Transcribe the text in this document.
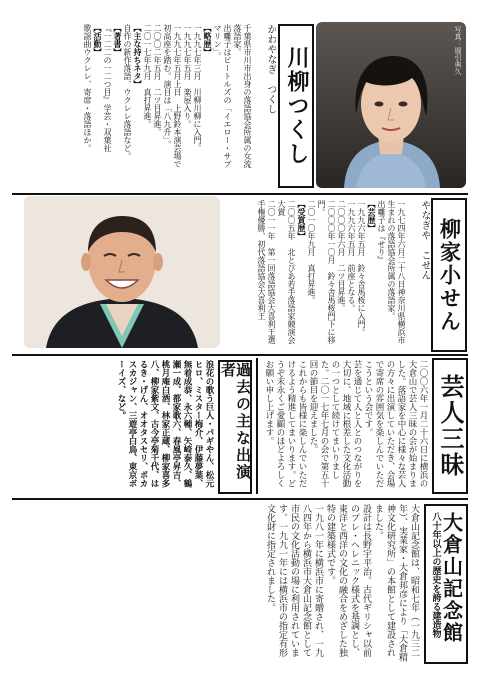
川柳つくし

かわやなぎ　つくし

千葉県市川市出身の落語協会所属の女流落語家。

出囃子はビートルズの「イエロー・サブマリン」。

【略歴】

一九九七年三月　川柳川柳に入門。

一九九七年五月　楽屋入り。

一九九七年五月上日　上野鈴本演芸場で初高座を踏む。演目は「八九升」。

二〇〇二年五月　二ツ目昇進。

二〇一七年九月　真打昇進。

【主な持ちネタ】

自作の新作落語、ウクレレ落語など。

【著書】

『一二二の一二つ目』学芸・双葉社

【活動】

歌謡曲ウクレレ、寄席・落語ほか。	写真：堀引典久
柳家小せん

やなぎや　こせん

一九七四年六月二十八日神奈川県横浜市生まれの落語協会所属の落語家。

出囃子は『せり』

【芸歴】

一九九六年五月　鈴々舎馬桜に入門。

一九九六年五月　前座となる。

二〇〇〇年六月　二ツ目昇進。

二〇〇〇年一〇月　鈴々舎馬桜門下に移門。

二〇一〇年九月　真打昇進。

【受賞歴】

二〇〇五年　北とぴあ若手落語家競演会大賞

二〇一一年　第一回落語協会大喜利王選手権優勝、初代落語協会大喜利王

芸人三昧

二〇〇六年一月二十六日に横浜の大倉山で芸人三昧の会が始まりました。落語家を中心に様々な芸人の方々に出演していただき、会場で寄席の雰囲気を楽しんでいただこうという会です。

芸を通じて人と人とのつながりを大切に、地域に根差した文化活動の一つとして続けてまいりました。二〇一七年七月の会で第五十回の節目を迎えました。

これからも皆様に楽しんでいただけるよう精進してまいります。どうぞ末永くご愛顧のほどよろしくお願い申し上げます。

過去の主な出演者

浪花の歌う巨人・パギやん、松元ヒロ、ミスター梅介、伊藤夢葉、無着成恭、永六輔、矢崎泰久、鶴瀬一成、都家歌六、春風亭昇吉、桃月庵白酒、林家正蔵、柳家喜多八、柳家紫文、古今亭菊千代、はるき・げん、オオタスセリ、ポカスカジャン、三遊亭白鳥、東京ボーイズ、など。

大倉山記念館
八十年以上の歴史を誇る建造物

大倉山記念館は、昭和七年（一九三二年）、実業家・大倉邦彦により「大倉精神文化研究所」の本館として建設されました。

設計は長野宇平治。古代ギリシャ以前のプレ・ヘレニック様式を基調とし、東洋と西洋の文化の融合をめざした独特の建築様式です。

一九八一年に横浜市に寄贈され、一九八四年から横浜市大倉山記念館として市民の文化活動の場に利用されています。一九九一年には横浜市の指定有形文化財に指定されました。
